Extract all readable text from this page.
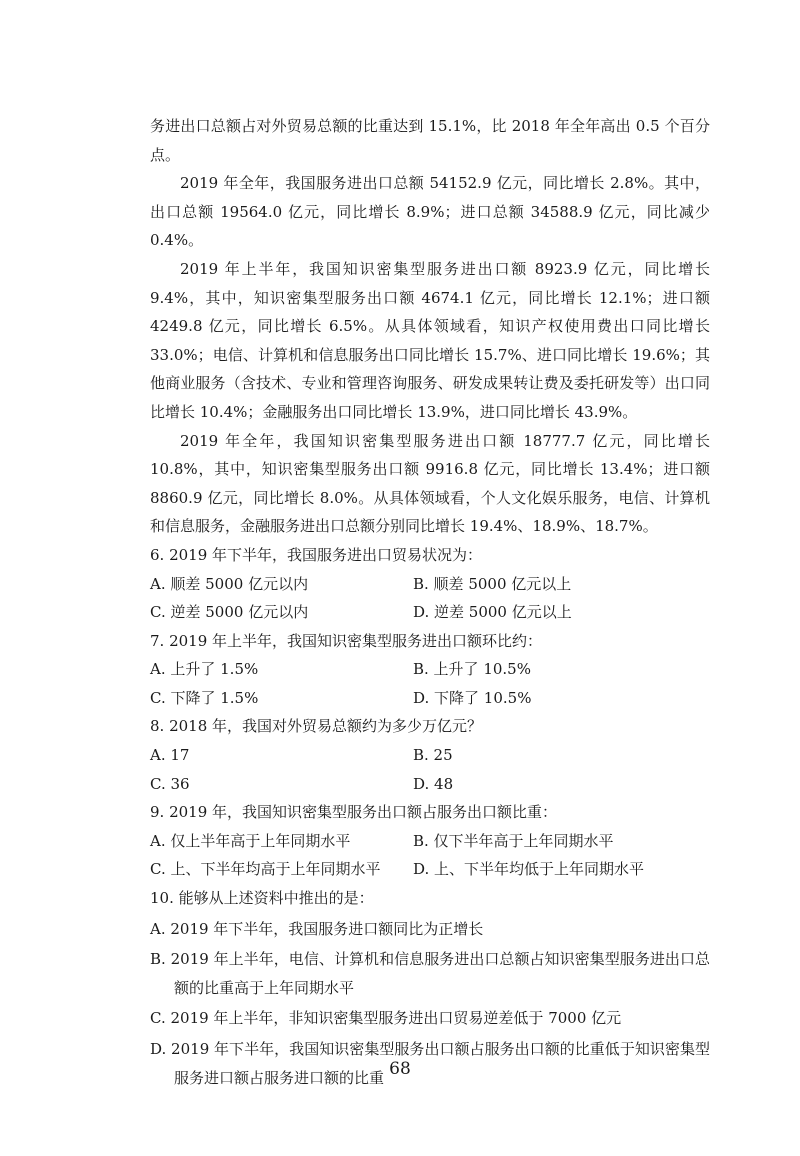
务进出口总额占对外贸易总额的比重达到 15.1%，比 2018 年全年高出 0.5 个百分点。

2019 年全年，我国服务进出口总额 54152.9 亿元，同比增长 2.8%。其中，出口总额 19564.0 亿元，同比增长 8.9%；进口总额 34588.9 亿元，同比减少 0.4%。

2019 年上半年，我国知识密集型服务进出口额 8923.9 亿元，同比增长 9.4%，其中，知识密集型服务出口额 4674.1 亿元，同比增长 12.1%；进口额 4249.8 亿元，同比增长 6.5%。从具体领域看，知识产权使用费出口同比增长 33.0%；电信、计算机和信息服务出口同比增长 15.7%、进口同比增长 19.6%；其他商业服务（含技术、专业和管理咨询服务、研发成果转让费及委托研发等）出口同比增长 10.4%；金融服务出口同比增长 13.9%，进口同比增长 43.9%。

2019 年全年，我国知识密集型服务进出口额 18777.7 亿元，同比增长 10.8%，其中，知识密集型服务出口额 9916.8 亿元，同比增长 13.4%；进口额 8860.9 亿元，同比增长 8.0%。从具体领域看，个人文化娱乐服务，电信、计算机和信息服务，金融服务进出口总额分别同比增长 19.4%、18.9%、18.7%。

6. 2019 年下半年，我国服务进出口贸易状况为：

A. 顺差 5000 亿元以内	B. 顺差 5000 亿元以上

C. 逆差 5000 亿元以内	D. 逆差 5000 亿元以上

7. 2019 年上半年，我国知识密集型服务进出口额环比约：

A. 上升了 1.5%	B. 上升了 10.5%

C. 下降了 1.5%	D. 下降了 10.5%

8. 2018 年，我国对外贸易总额约为多少万亿元？

A. 17	B. 25

C. 36	D. 48

9. 2019 年，我国知识密集型服务出口额占服务出口额比重：

A. 仅上半年高于上年同期水平	B. 仅下半年高于上年同期水平

C. 上、下半年均高于上年同期水平	D. 上、下半年均低于上年同期水平

10. 能够从上述资料中推出的是：

A. 2019 年下半年，我国服务进口额同比为正增长

B. 2019 年上半年，电信、计算机和信息服务进出口总额占知识密集型服务进出口总额的比重高于上年同期水平

C. 2019 年上半年，非知识密集型服务进出口贸易逆差低于 7000 亿元

D. 2019 年下半年，我国知识密集型服务出口额占服务出口额的比重低于知识密集型服务进口额占服务进口额的比重 68
